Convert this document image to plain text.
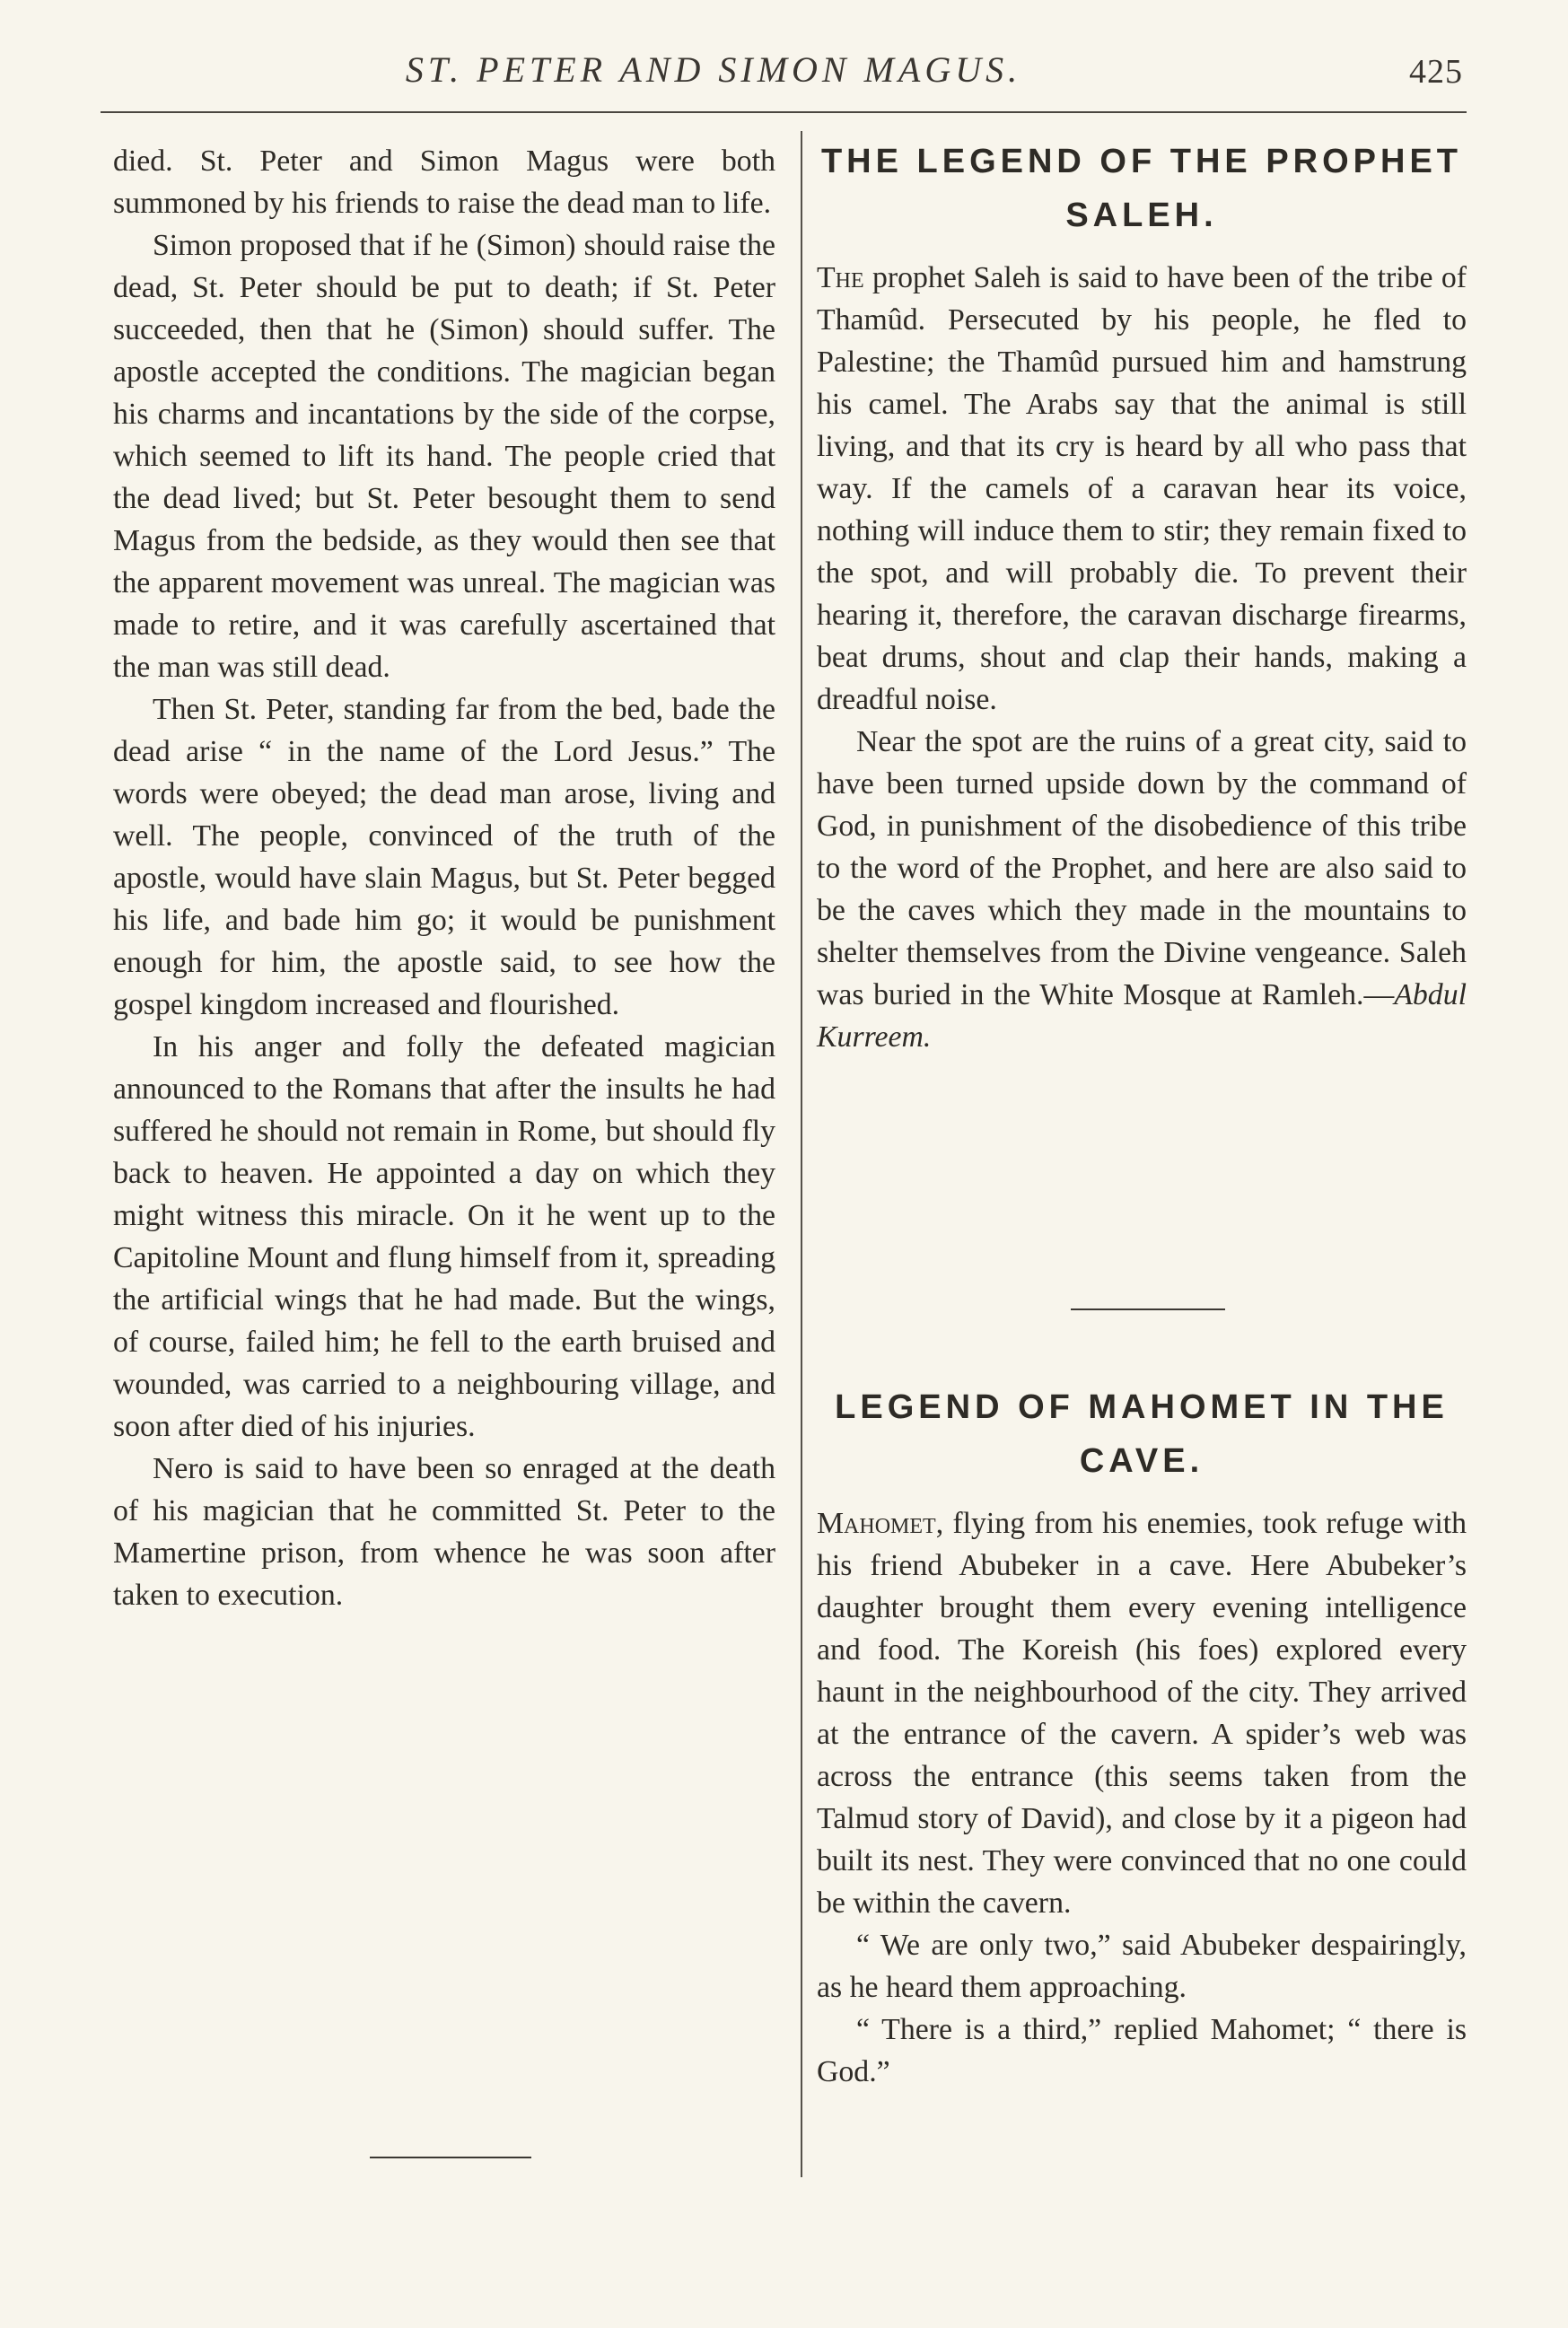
ST. PETER AND SIMON MAGUS.	425

died. St. Peter and Simon Magus were both summoned by his friends to raise the dead man to life.

Simon proposed that if he (Simon) should raise the dead, St. Peter should be put to death; if St. Peter succeeded, then that he (Simon) should suffer. The apostle accepted the conditions. The magician began his charms and incantations by the side of the corpse, which seemed to lift its hand. The people cried that the dead lived; but St. Peter besought them to send Magus from the bedside, as they would then see that the apparent movement was unreal. The magician was made to retire, and it was carefully ascertained that the man was still dead.

Then St. Peter, standing far from the bed, bade the dead arise “ in the name of the Lord Jesus.” The words were obeyed; the dead man arose, living and well. The people, convinced of the truth of the apostle, would have slain Magus, but St. Peter begged his life, and bade him go; it would be punishment enough for him, the apostle said, to see how the gospel kingdom increased and flourished.

In his anger and folly the defeated magician announced to the Romans that after the insults he had suffered he should not remain in Rome, but should fly back to heaven. He appointed a day on which they might witness this miracle. On it he went up to the Capitoline Mount and flung himself from it, spreading the artificial wings that he had made. But the wings, of course, failed him; he fell to the earth bruised and wounded, was carried to a neighbouring village, and soon after died of his injuries.

Nero is said to have been so enraged at the death of his magician that he committed St. Peter to the Mamertine prison, from whence he was soon after taken to execution.

THE LEGEND OF THE PROPHET SALEH.

The prophet Saleh is said to have been of the tribe of Thamûd. Persecuted by his people, he fled to Palestine; the Thamûd pursued him and hamstrung his camel. The Arabs say that the animal is still living, and that its cry is heard by all who pass that way. If the camels of a caravan hear its voice, nothing will induce them to stir; they remain fixed to the spot, and will probably die. To prevent their hearing it, therefore, the caravan discharge firearms, beat drums, shout and clap their hands, making a dreadful noise.

Near the spot are the ruins of a great city, said to have been turned upside down by the command of God, in punishment of the disobedience of this tribe to the word of the Prophet, and here are also said to be the caves which they made in the mountains to shelter themselves from the Divine vengeance. Saleh was buried in the White Mosque at Ramleh.—Abdul Kurreem.

LEGEND OF MAHOMET IN THE CAVE.

Mahomet, flying from his enemies, took refuge with his friend Abubeker in a cave. Here Abubeker’s daughter brought them every evening intelligence and food. The Koreish (his foes) explored every haunt in the neighbourhood of the city. They arrived at the entrance of the cavern. A spider’s web was across the entrance (this seems taken from the Talmud story of David), and close by it a pigeon had built its nest. They were convinced that no one could be within the cavern.

“ We are only two,” said Abubeker despairingly, as he heard them approaching.

“ There is a third,” replied Mahomet; “ there is God.”
